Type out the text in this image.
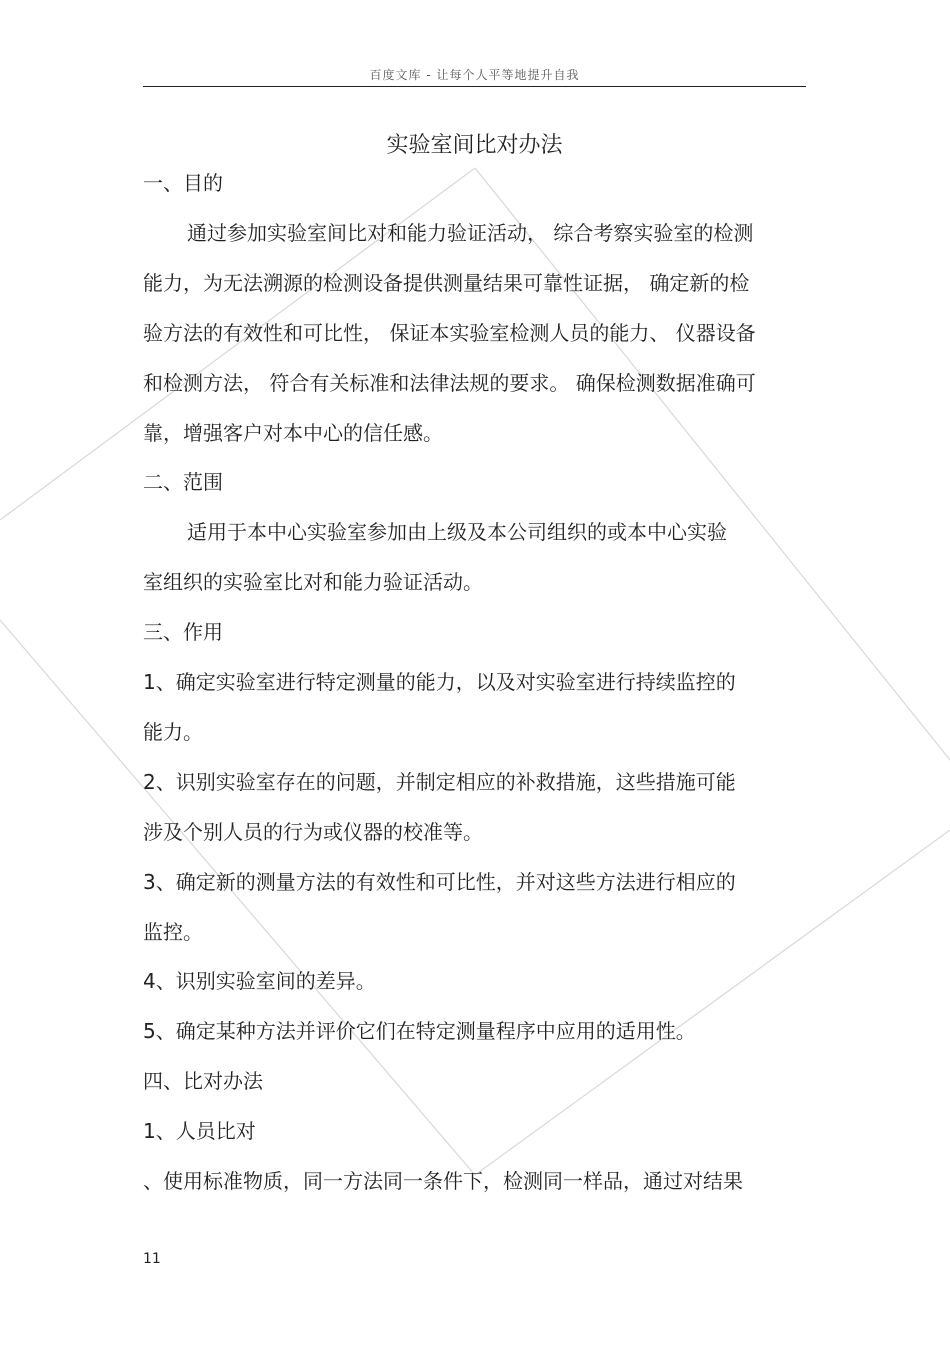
百度文库 - 让每个人平等地提升自我
实验室间比对办法
一、目的
通过参加实验室间比对和能力验证活动， 综合考察实验室的检测
能力，为无法溯源的检测设备提供测量结果可靠性证据， 确定新的检
验方法的有效性和可比性， 保证本实验室检测人员的能力、 仪器设备
和检测方法， 符合有关标准和法律法规的要求。 确保检测数据准确可
靠，增强客户对本中心的信任感。
二、范围
适用于本中心实验室参加由上级及本公司组织的或本中心实验
室组织的实验室比对和能力验证活动。
三、作用
1、确定实验室进行特定测量的能力，以及对实验室进行持续监控的
能力。
2、识别实验室存在的问题，并制定相应的补救措施，这些措施可能
涉及个别人员的行为或仪器的校准等。
3、确定新的测量方法的有效性和可比性，并对这些方法进行相应的
监控。
4、识别实验室间的差异。
5、确定某种方法并评价它们在特定测量程序中应用的适用性。
四、比对办法
1、人员比对
、使用标准物质，同一方法同一条件下，检测同一样品，通过对结果
11
